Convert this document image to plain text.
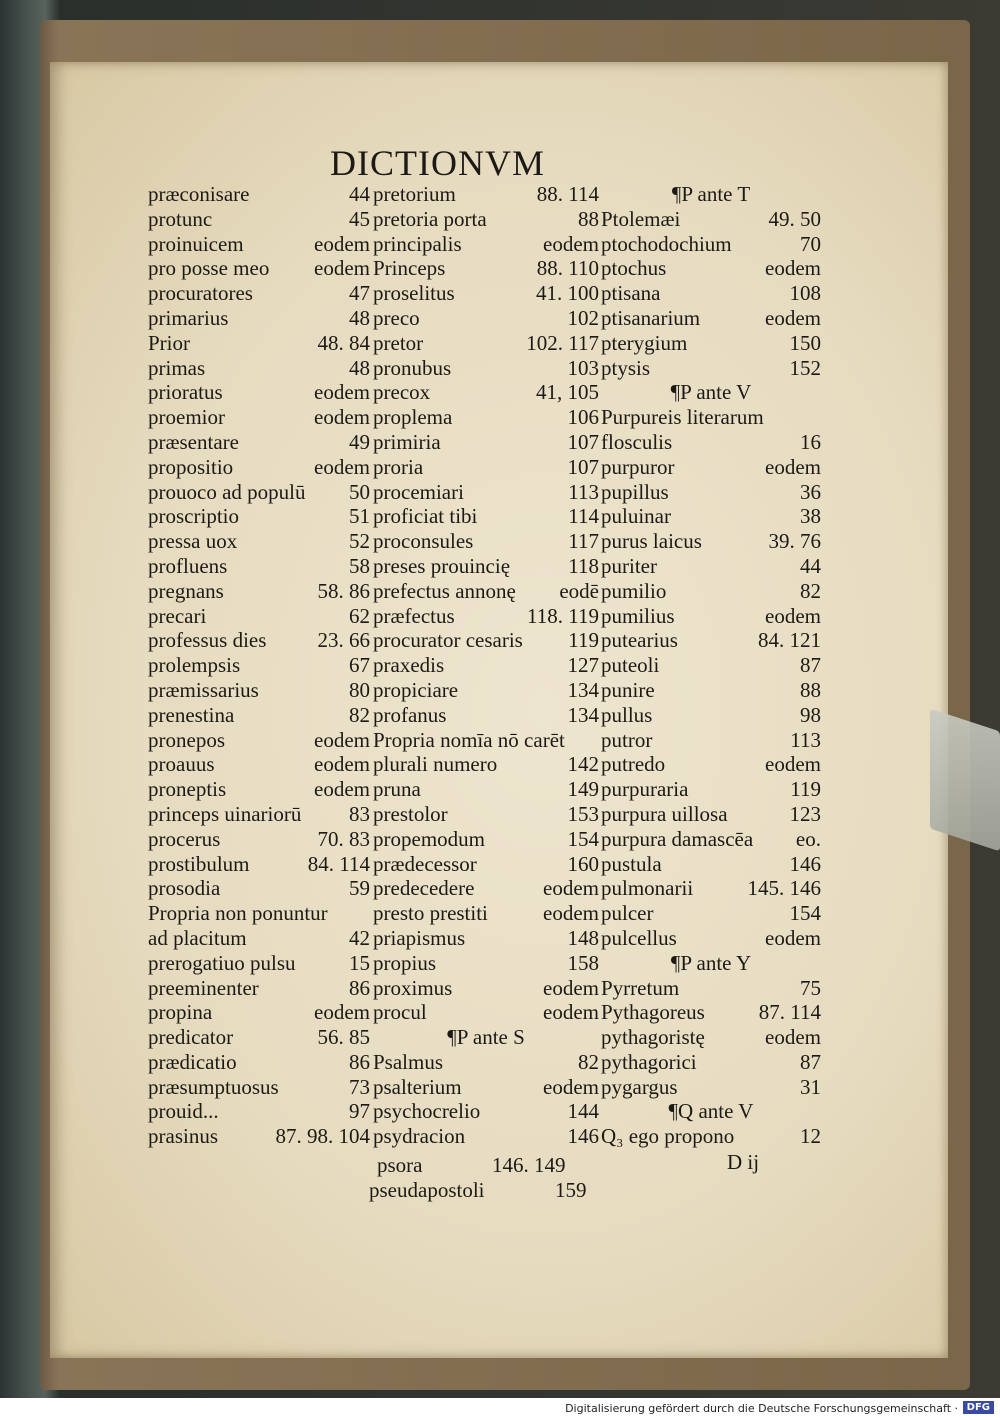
DICTIONVM
præconisare	44
protunc	45
proinuicem	eodem
pro posse meo eodem
procuratores	47
primarius	48
Prior	48. 84
primas	48
prioratus	eodem
proemior	eodem
præsentare	49
propositio	eodem
prouoco ad populū 50
proscriptio	51
pressa uox	52
profluens	58
pregnans	58. 86
precari	62
professus dies 23. 66
prolempsis	67
præmissarius	80
prenestina	82
pronepos	eodem
proauus	eodem
proneptis	eodem
princeps uinariorū 83
procerus	70. 83
prostibulum	84. 114
prosodia	59
Propria non ponuntur
ad placitum	42
prerogatiuo pulsu	15
preeminenter	86
propina	eodem
predicator	56. 85
prædicatio	86
præsumptuosus	73
prouid...	97
prasinus	87. 98. 104
pretorium	88. 114
pretoria porta	88
principalis	eodem
Princeps	88. 110
proselitus	41. 100
preco	102
pretor	102. 117
pronubus	103
precox	41, 105
proplema	106
primiria	107
proria	107
procemiari	113
proficiat tibi	114
proconsules	117
preses prouincię	118
prefectus annonę eodē
præfectus	118. 119
procurator cesaris 119
praxedis	127
propiciare	134
profanus	134
Propria nomīa nō carēt
plurali numero	142
pruna	149
prestolor	153
propemodum	154
prædecessor	160
predecedere	eodem
presto prestiti	eodem
priapismus	148
propius	158
proximus	eodem
procul	eodem
¶P ante S
Psalmus	82
psalterium	eodem
psychocrelio	144
psydracion	146
¶P ante T
Ptolemæi	49. 50
ptochodochium	70
ptochus	eodem
ptisana	108
ptisanarium	eodem
pterygium	150
ptysis	152
¶P ante V
Purpureis literarum
flosculis	16
purpuror	eodem
pupillus	36
puluinar	38
purus laicus	39. 76
puriter	44
pumilio	82
pumilius	eodem
putearius	84. 121
puteoli	87
punire	88
pullus	98
putror	113
putredo	eodem
purpuraria	119
purpura uillosa	123
purpura damascēa eo.
pustula	146
pulmonarii	145. 146
pulcer	154
pulcellus	eodem
¶P ante Y
Pyrretum	75
Pythagoreus	87. 114
pythagoristę	eodem
pythagorici	87
pygargus	31
¶Q ante V
Q₃ ego propono	12
psora	146. 149	D ij
pseudapostoli	159
Digitalisierung gefördert durch die Deutsche Forschungsgemeinschaft · DFG
